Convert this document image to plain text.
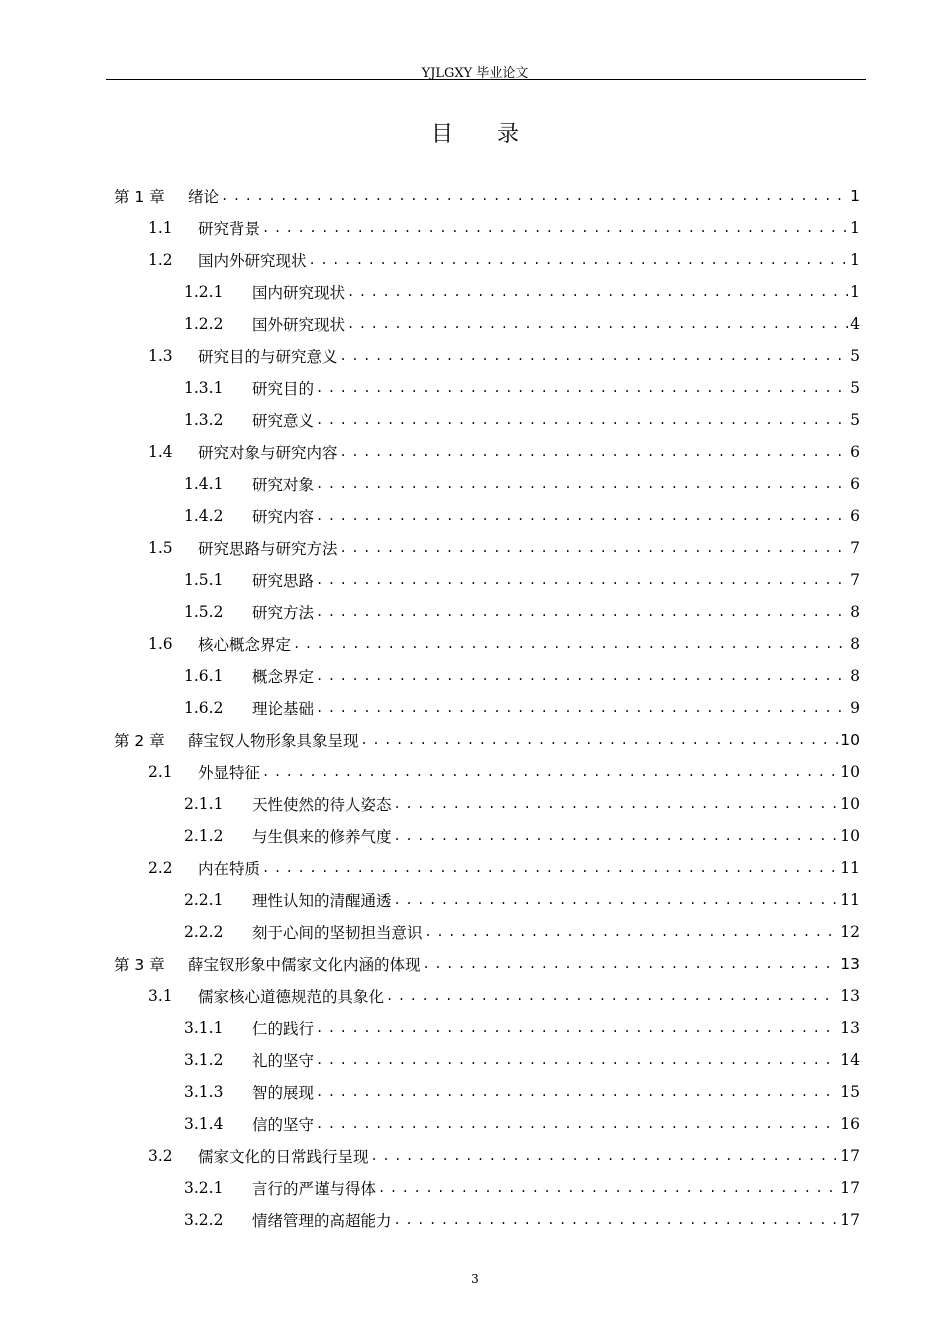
YJLGXY 毕业论文
目录
第 1 章	绪论 .....	1
1.1	研究背景 .....	1
1.2	国内外研究现状 .....	1
1.2.1	国内研究现状 .....	1
1.2.2	国外研究现状 .....	4
1.3	研究目的与研究意义 .....	5
1.3.1	研究目的 .....	5
1.3.2	研究意义 .....	5
1.4	研究对象与研究内容 .....	6
1.4.1	研究对象 .....	6
1.4.2	研究内容 .....	6
1.5	研究思路与研究方法 .....	7
1.5.1	研究思路 .....	7
1.5.2	研究方法 .....	8
1.6	核心概念界定 .....	8
1.6.1	概念界定 .....	8
1.6.2	理论基础 .....	9
第 2 章	薛宝钗人物形象具象呈现 .....	10
2.1	外显特征 .....	10
2.1.1	天性使然的待人姿态 .....	10
2.1.2	与生俱来的修养气度 .....	10
2.2	内在特质 .....	11
2.2.1	理性认知的清醒通透 .....	11
2.2.2	刻于心间的坚韧担当意识 .....	12
第 3 章	薛宝钗形象中儒家文化内涵的体现 .....	13
3.1	儒家核心道德规范的具象化 .....	13
3.1.1	仁的践行 .....	13
3.1.2	礼的坚守 .....	14
3.1.3	智的展现 .....	15
3.1.4	信的坚守 .....	16
3.2	儒家文化的日常践行呈现 .....	17
3.2.1	言行的严谨与得体 .....	17
3.2.2	情绪管理的高超能力 .....	17
3
